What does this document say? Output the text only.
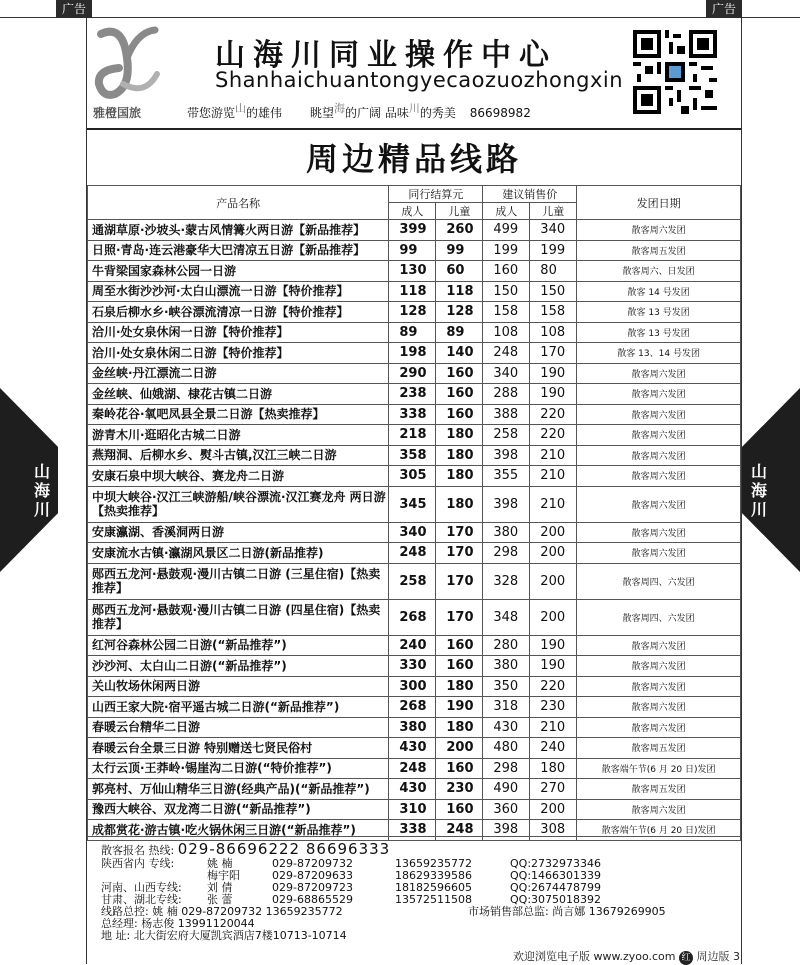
广告	广告
雅橙国旅
山海川同业操作中心
Shanhaichuantongyecaozuozhongxin
带您游览$^山$的雄伟 眺望$^海$的广阔 品味$^川$的秀美 86698982
周边精品线路
山
海
川
山
海
川
产品名称	同行结算元		建议销售价		发团日期
	成人	儿童	成人	儿童	
通湖草原·沙坡头·蒙古风情篝火两日游【新品推荐】	399	260	499	340	散客周六发团
日照·青岛·连云港豪华大巴清凉五日游【新品推荐】	99	99	199	199	散客周五发团
牛背梁国家森林公园一日游	130	60	160	80	散客周六、日发团
周至水街沙沙河·太白山漂流一日游【特价推荐】	118	118	150	150	散客 14 号发团
石泉后柳水乡·峡谷漂流清凉一日游【特价推荐】	128	128	158	158	散客 13 号发团
洽川·处女泉休闲一日游【特价推荐】	89	89	108	108	散客 13 号发团
洽川·处女泉休闲二日游【特价推荐】	198	140	248	170	散客 13、14 号发团
金丝峡·丹江漂流二日游	290	160	340	190	散客周六发团
金丝峡、仙娥湖、棣花古镇二日游	238	160	288	190	散客周六发团
秦岭花谷·氧吧凤县全景二日游【热卖推荐】	338	160	388	220	散客周六发团
游青木川·逛昭化古城二日游	218	180	258	220	散客周六发团
燕翔洞、后柳水乡、熨斗古镇,汉江三峡二日游	358	180	398	210	散客周六发团
安康石泉中坝大峡谷、赛龙舟二日游	305	180	355	210	散客周六发团
中坝大峡谷·汉江三峡游船/峡谷漂流·汉江赛龙舟 两日游【热卖推荐】	345	180	398	210	散客周六发团
安康瀛湖、香溪洞两日游	340	170	380	200	散客周六发团
安康流水古镇·瀛湖风景区二日游(新品推荐)	248	170	298	200	散客周六发团
郧西五龙河·悬鼓观·漫川古镇二日游 (三星住宿)【热卖推荐】	258	170	328	200	散客周四、六发团
郧西五龙河·悬鼓观·漫川古镇二日游 (四星住宿)【热卖推荐】	268	170	348	200	散客周四、六发团
红河谷森林公园二日游(“新品推荐”)	240	160	280	190	散客周六发团
沙沙河、太白山二日游(“新品推荐”)	330	160	380	190	散客周六发团
关山牧场休闲两日游	300	180	350	220	散客周六发团
山西王家大院·宿平遥古城二日游(“新品推荐”)	268	190	318	230	散客周六发团
春暖云台精华二日游	380	180	430	210	散客周六发团
春暖云台全景三日游 特别赠送七贤民俗村	430	200	480	240	散客周五发团
太行云顶·王莽岭·锡崖沟二日游(“特价推荐”)	248	160	298	180	散客端午节(6 月 20 日)发团
郭亮村、万仙山精华三日游(经典产品)(“新品推荐”)	430	230	490	270	散客周五发团
豫西大峡谷、双龙湾二日游(“新品推荐”)	310	160	360	200	散客周六发团
成都赏花·游古镇·吃火锅休闲三日游(“新品推荐”)	338	248	398	308	散客端午节(6 月 20 日)发团
散客报名 热线: 029-86696222 86696333
陕西省内 专线:	姚 楠	029-87209732	13659235772	QQ:2732973346
梅宇阳	029-87209633	18629339586	QQ:1466301339
河南、山西专线: 刘 倩	029-87209723	18182596605	QQ:2674478799
甘肃、湖北专线: 张 蕾	029-68865529	13572511508	QQ:3075018392
线路总控: 姚 楠 029-87209732 13659235772	市场销售部总监: 尚言娜 13679269905
总经理: 杨志俊 13991120044
地 址: 北大街宏府大厦凯宾酒店7楼10713-10714
欢迎浏览电子版 www.zyoo.com 红 周边版 3
